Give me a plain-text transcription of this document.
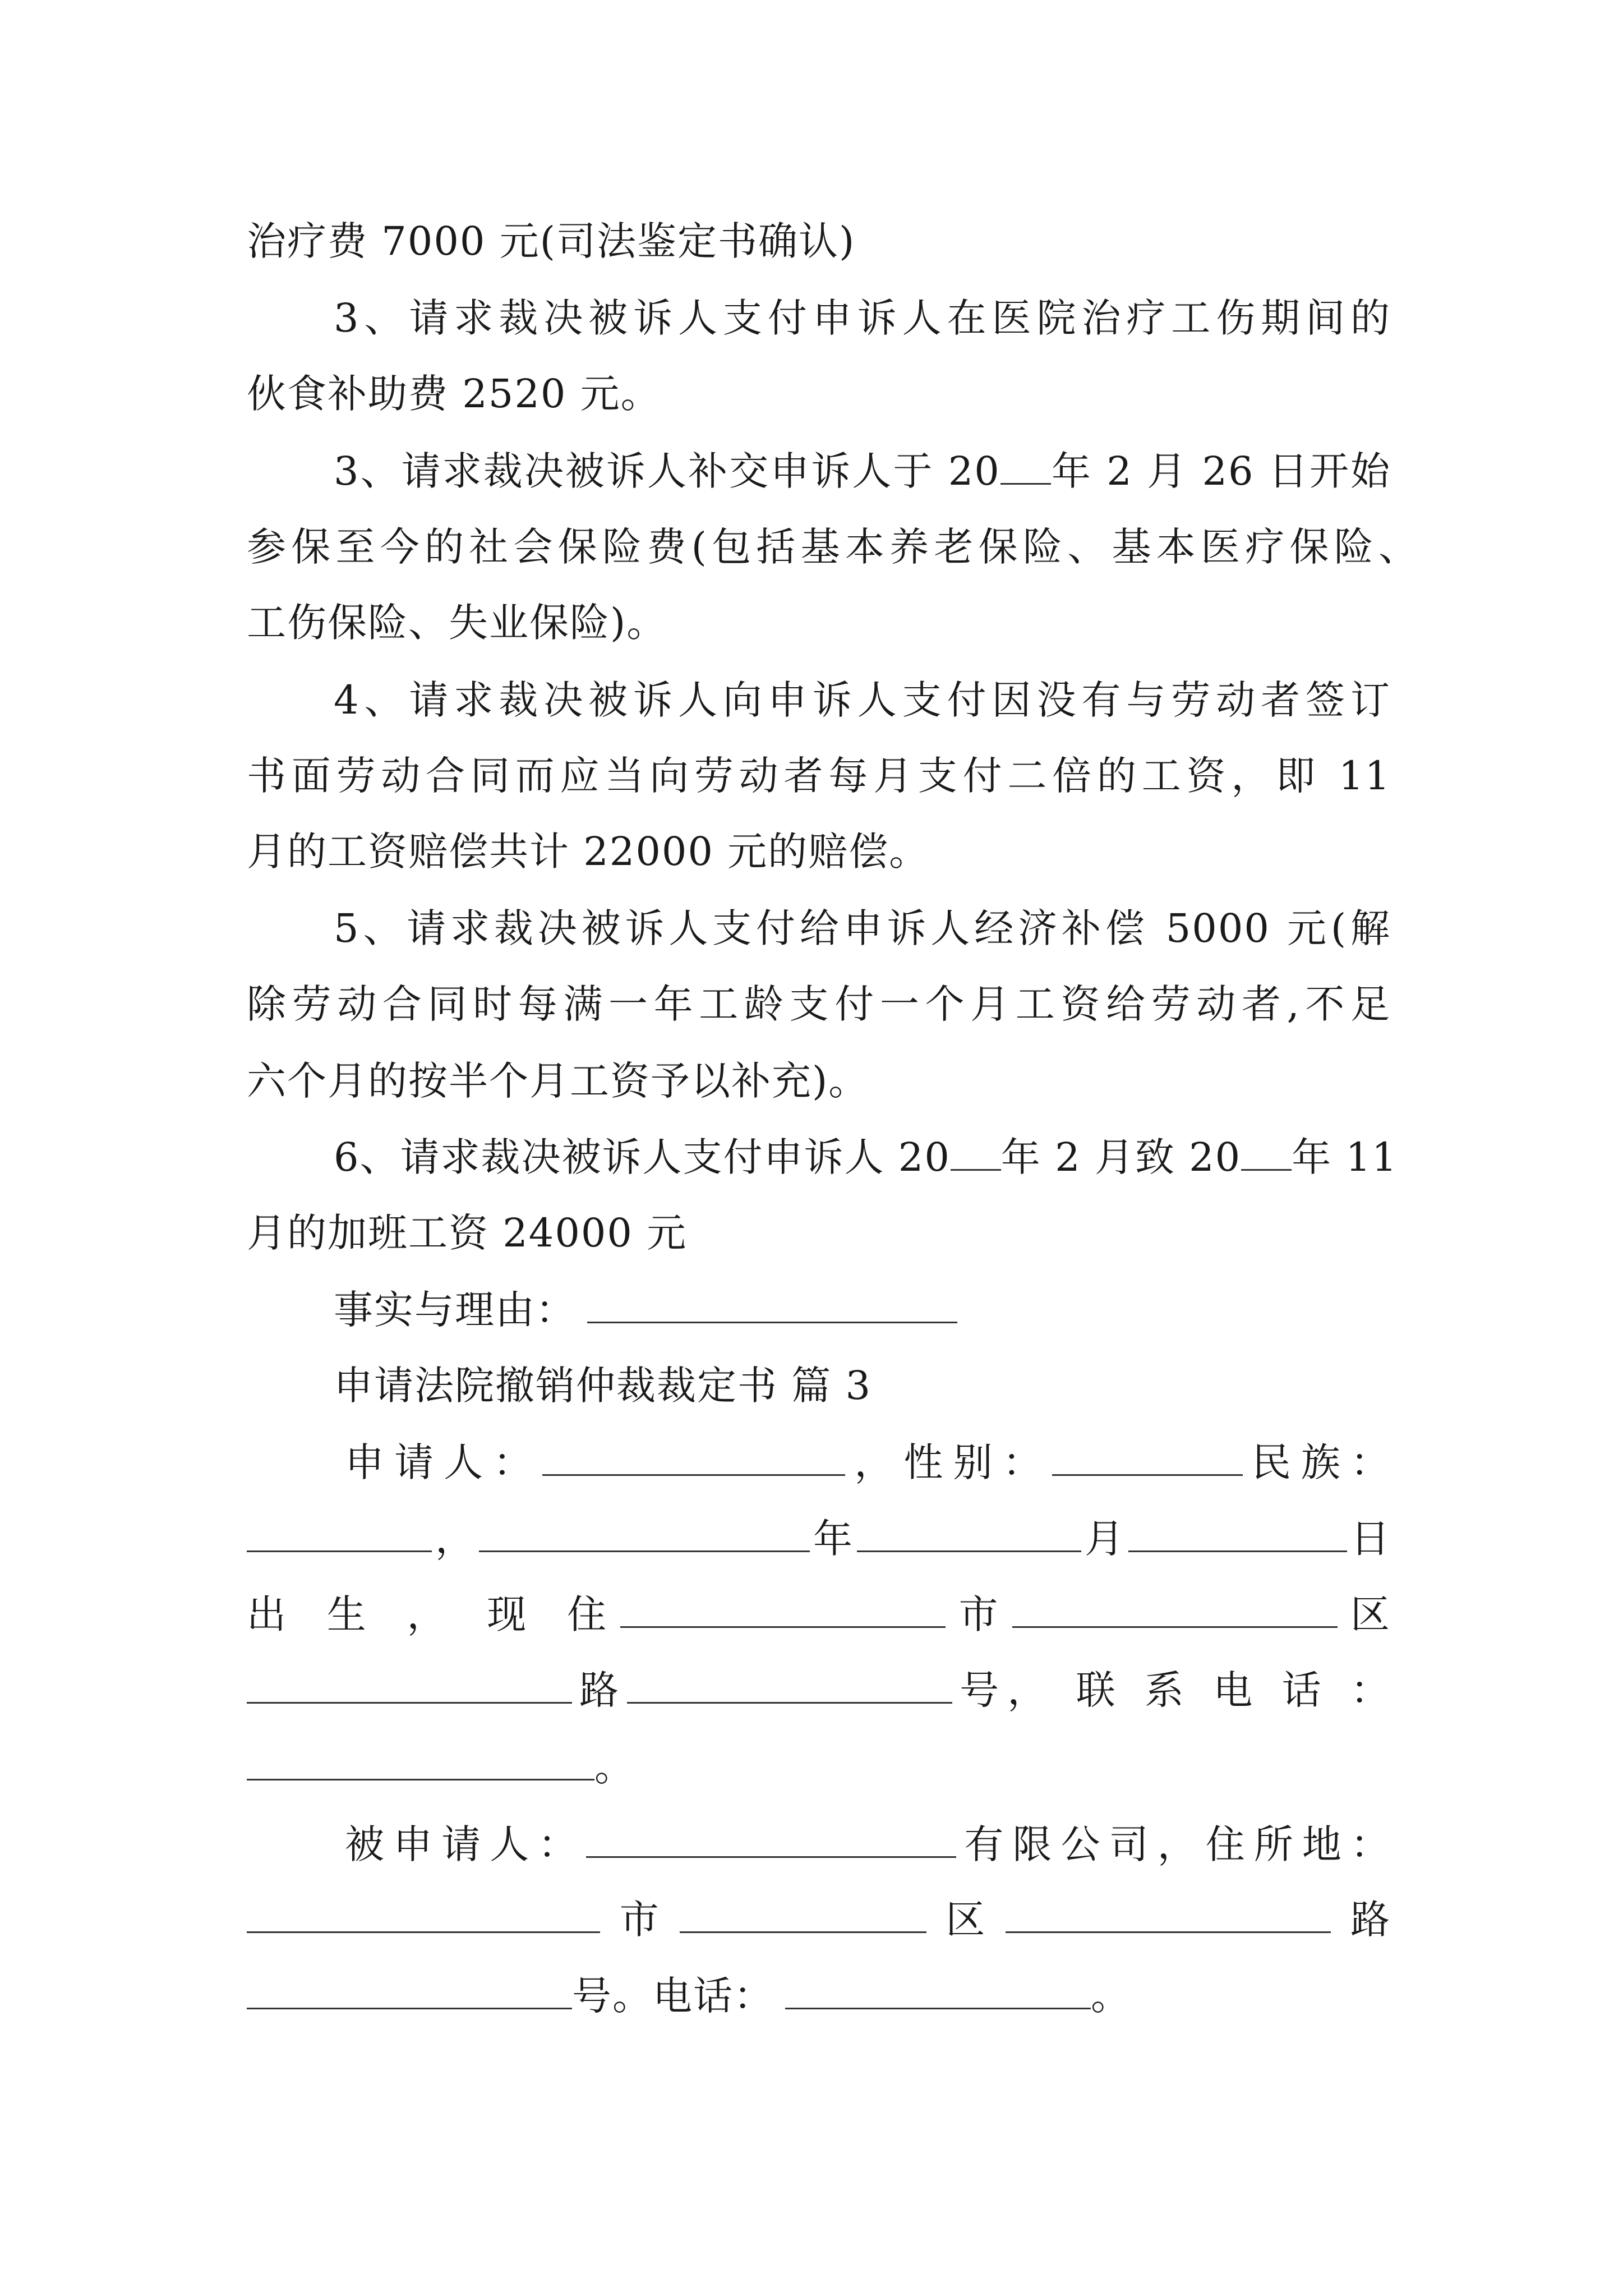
治疗费 7000 元(司法鉴定书确认)
3、请求裁决被诉人支付申诉人在医院治疗工伤期间的
伙食补助费 2520 元。
3、请求裁决被诉人补交申诉人于 20 年 2 月 26 日开始
参保至今的社会保险费(包括基本养老保险、基本医疗保险、
工伤保险、失业保险)。
4、请求裁决被诉人向申诉人支付因没有与劳动者签订
书面劳动合同而应当向劳动者每月支付二倍的工资，即 11
月的工资赔偿共计 22000 元的赔偿。
5、请求裁决被诉人支付给申诉人经济补偿 5000 元(解
除劳动合同时每满一年工龄支付一个月工资给劳动者,不足
六个月的按半个月工资予以补充)。
6、请求裁决被诉人支付申诉人 20 年 2 月致 20 年 11
月的加班工资 24000 元
事实与理由：
申请法院撤销仲裁裁定书 篇 3
申请人：	，性别：	民族：
，	年	月	日
出 生 ， 现 住	市	区
路	号， 联 系 电 话 ：
。
被申请人：	有限公司，住所地：
市	区	路
号。电话：	。
